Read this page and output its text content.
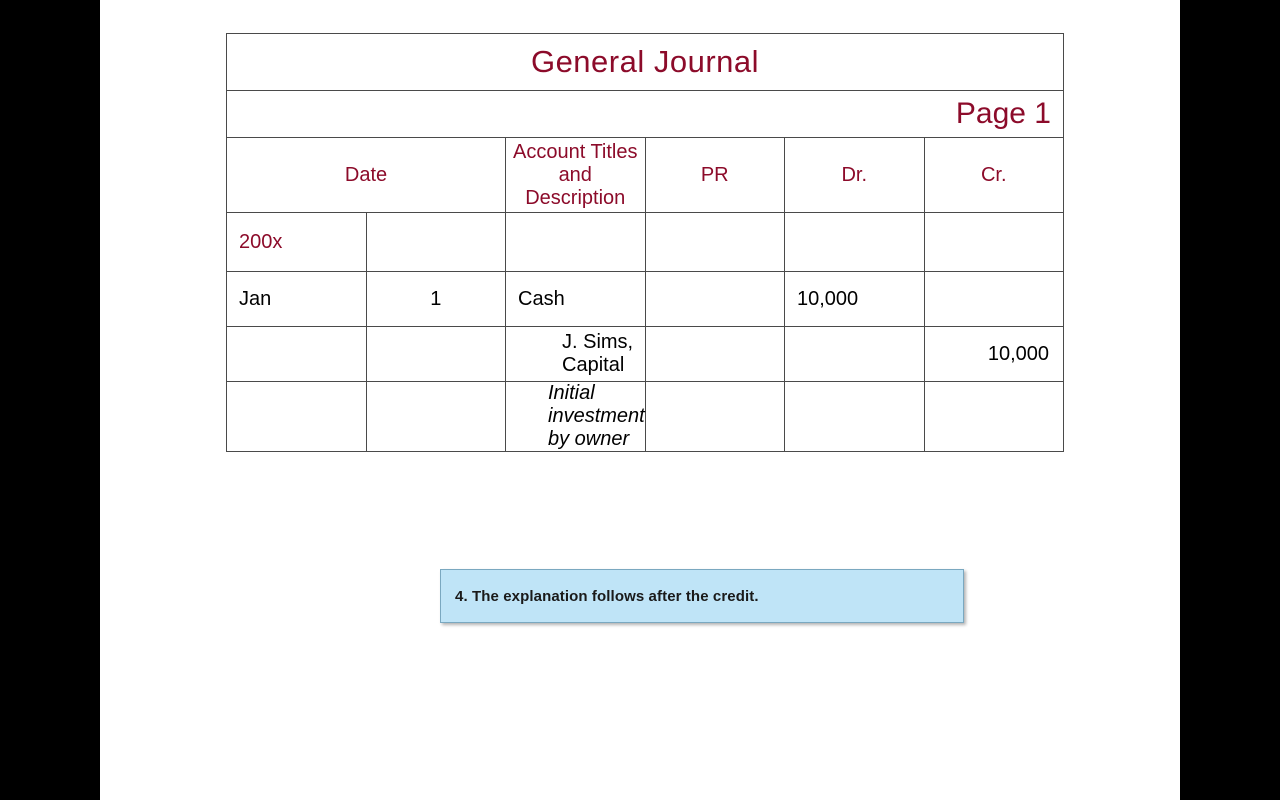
General Journal					
Page 1					
Date		Account Titles and Description	PR	Dr.	Cr.
200x					
Jan	1	Cash		10,000	
		J. Sims, Capital			10,000
		Initial investment by owner			
4. The explanation follows after the credit.
